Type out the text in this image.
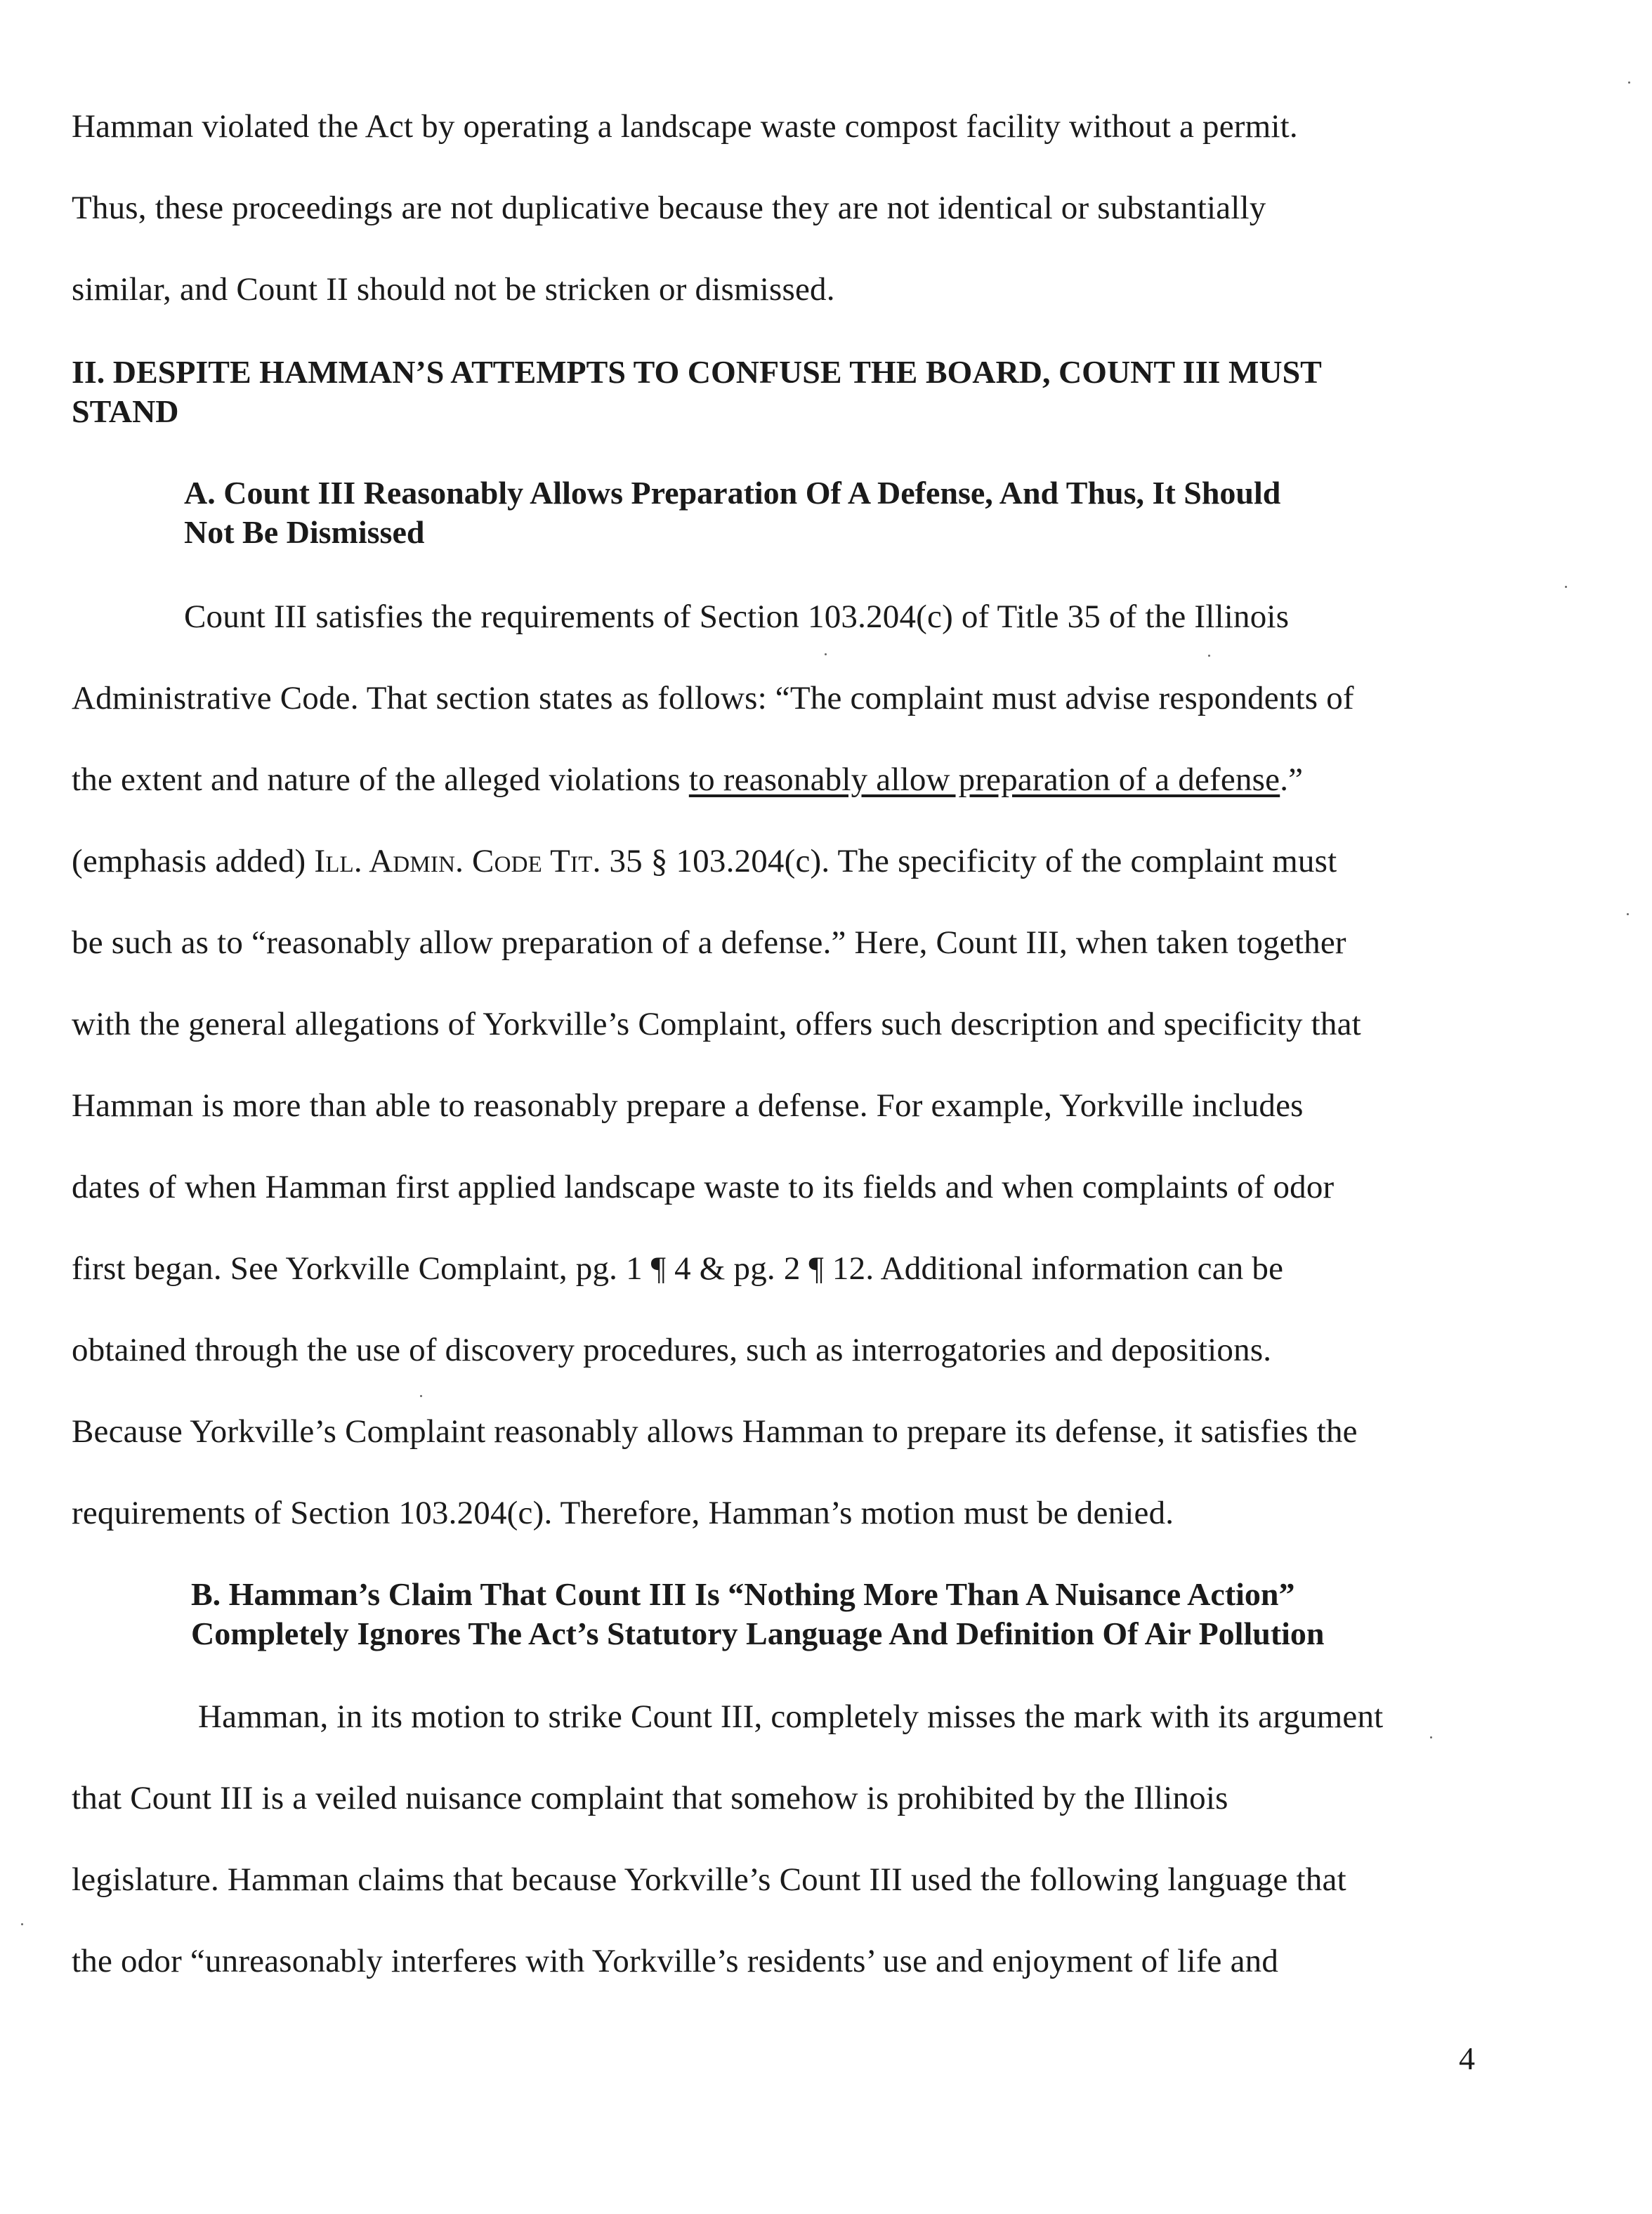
Hamman violated the Act by operating a landscape waste compost facility without a permit.
Thus, these proceedings are not duplicative because they are not identical or substantially
similar, and Count II should not be stricken or dismissed.
II. DESPITE HAMMAN’S ATTEMPTS TO CONFUSE THE BOARD, COUNT III MUST
STAND
A. Count III Reasonably Allows Preparation Of A Defense, And Thus, It Should
Not Be Dismissed
Count III satisfies the requirements of Section 103.204(c) of Title 35 of the Illinois
Administrative Code. That section states as follows: “The complaint must advise respondents of
the extent and nature of the alleged violations to reasonably allow preparation of a defense.”
(emphasis added) Ill. Admin. Code Tit. 35 § 103.204(c). The specificity of the complaint must
be such as to “reasonably allow preparation of a defense.” Here, Count III, when taken together
with the general allegations of Yorkville’s Complaint, offers such description and specificity that
Hamman is more than able to reasonably prepare a defense. For example, Yorkville includes
dates of when Hamman first applied landscape waste to its fields and when complaints of odor
first began. See Yorkville Complaint, pg. 1 ¶ 4 & pg. 2 ¶ 12. Additional information can be
obtained through the use of discovery procedures, such as interrogatories and depositions.
Because Yorkville’s Complaint reasonably allows Hamman to prepare its defense, it satisfies the
requirements of Section 103.204(c). Therefore, Hamman’s motion must be denied.
B. Hamman’s Claim That Count III Is “Nothing More Than A Nuisance Action”
Completely Ignores The Act’s Statutory Language And Definition Of Air Pollution
Hamman, in its motion to strike Count III, completely misses the mark with its argument
that Count III is a veiled nuisance complaint that somehow is prohibited by the Illinois
legislature. Hamman claims that because Yorkville’s Count III used the following language that
the odor “unreasonably interferes with Yorkville’s residents’ use and enjoyment of life and
4
